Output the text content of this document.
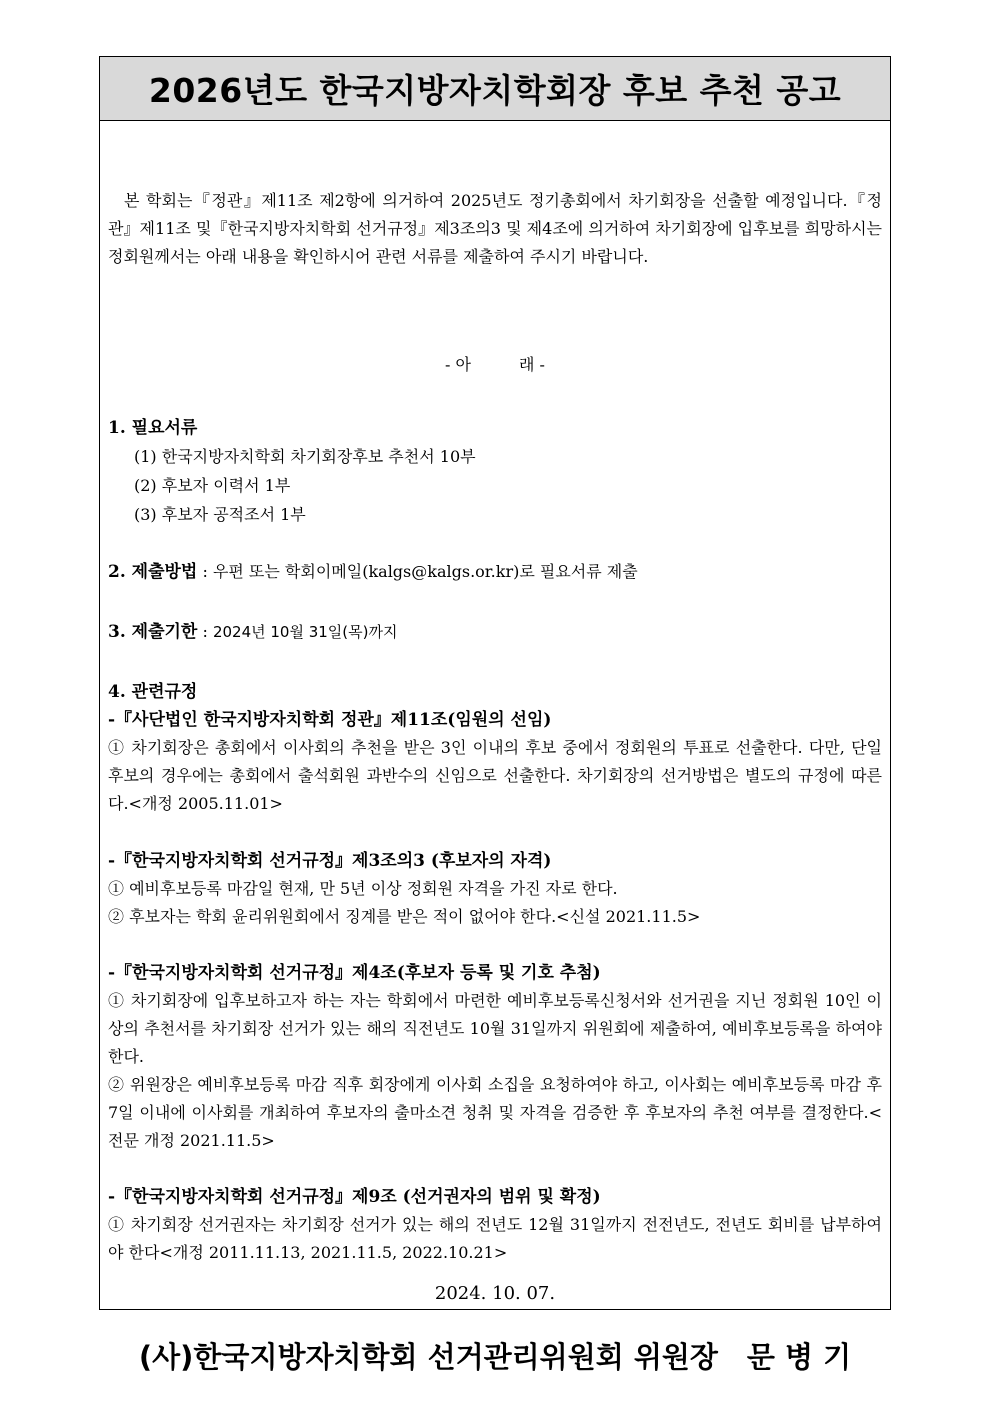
2026년도 한국지방자치학회장 후보 추천 공고
본 학회는『정관』제11조 제2항에 의거하여 2025년도 정기총회에서 차기회장을 선출할 예정입니다.『정관』제11조 및『한국지방자치학회 선거규정』제3조의3 및 제4조에 의거하여 차기회장에 입후보를 희망하시는 정회원께서는 아래 내용을 확인하시어 관련 서류를 제출하여 주시기 바랍니다.
- 아　　　래 -
1. 필요서류
(1) 한국지방자치학회 차기회장후보 추천서 10부
(2) 후보자 이력서 1부
(3) 후보자 공적조서 1부
2. 제출방법 : 우편 또는 학회이메일(kalgs@kalgs.or.kr)로 필요서류 제출
3. 제출기한 : 2024년 10월 31일(목)까지
4. 관련규정
-『사단법인 한국지방자치학회 정관』제11조(임원의 선임)
① 차기회장은 총회에서 이사회의 추천을 받은 3인 이내의 후보 중에서 정회원의 투표로 선출한다. 다만, 단일 후보의 경우에는 총회에서 출석회원 과반수의 신임으로 선출한다. 차기회장의 선거방법은 별도의 규정에 따른다.<개정 2005.11.01>
-『한국지방자치학회 선거규정』제3조의3 (후보자의 자격)
① 예비후보등록 마감일 현재, 만 5년 이상 정회원 자격을 가진 자로 한다.
② 후보자는 학회 윤리위원회에서 징계를 받은 적이 없어야 한다.<신설 2021.11.5>
-『한국지방자치학회 선거규정』제4조(후보자 등록 및 기호 추첨)
① 차기회장에 입후보하고자 하는 자는 학회에서 마련한 예비후보등록신청서와 선거권을 지닌 정회원 10인 이상의 추천서를 차기회장 선거가 있는 해의 직전년도 10월 31일까지 위원회에 제출하여, 예비후보등록을 하여야 한다.
② 위원장은 예비후보등록 마감 직후 회장에게 이사회 소집을 요청하여야 하고, 이사회는 예비후보등록 마감 후 7일 이내에 이사회를 개최하여 후보자의 출마소견 청취 및 자격을 검증한 후 후보자의 추천 여부를 결정한다.<전문 개정 2021.11.5>
-『한국지방자치학회 선거규정』제9조 (선거권자의 범위 및 확정)
① 차기회장 선거권자는 차기회장 선거가 있는 해의 전년도 12월 31일까지 전전년도, 전년도 회비를 납부하여야 한다<개정 2011.11.13, 2021.11.5, 2022.10.21>
2024. 10. 07.
(사)한국지방자치학회 선거관리위원회 위원장　문 병 기
